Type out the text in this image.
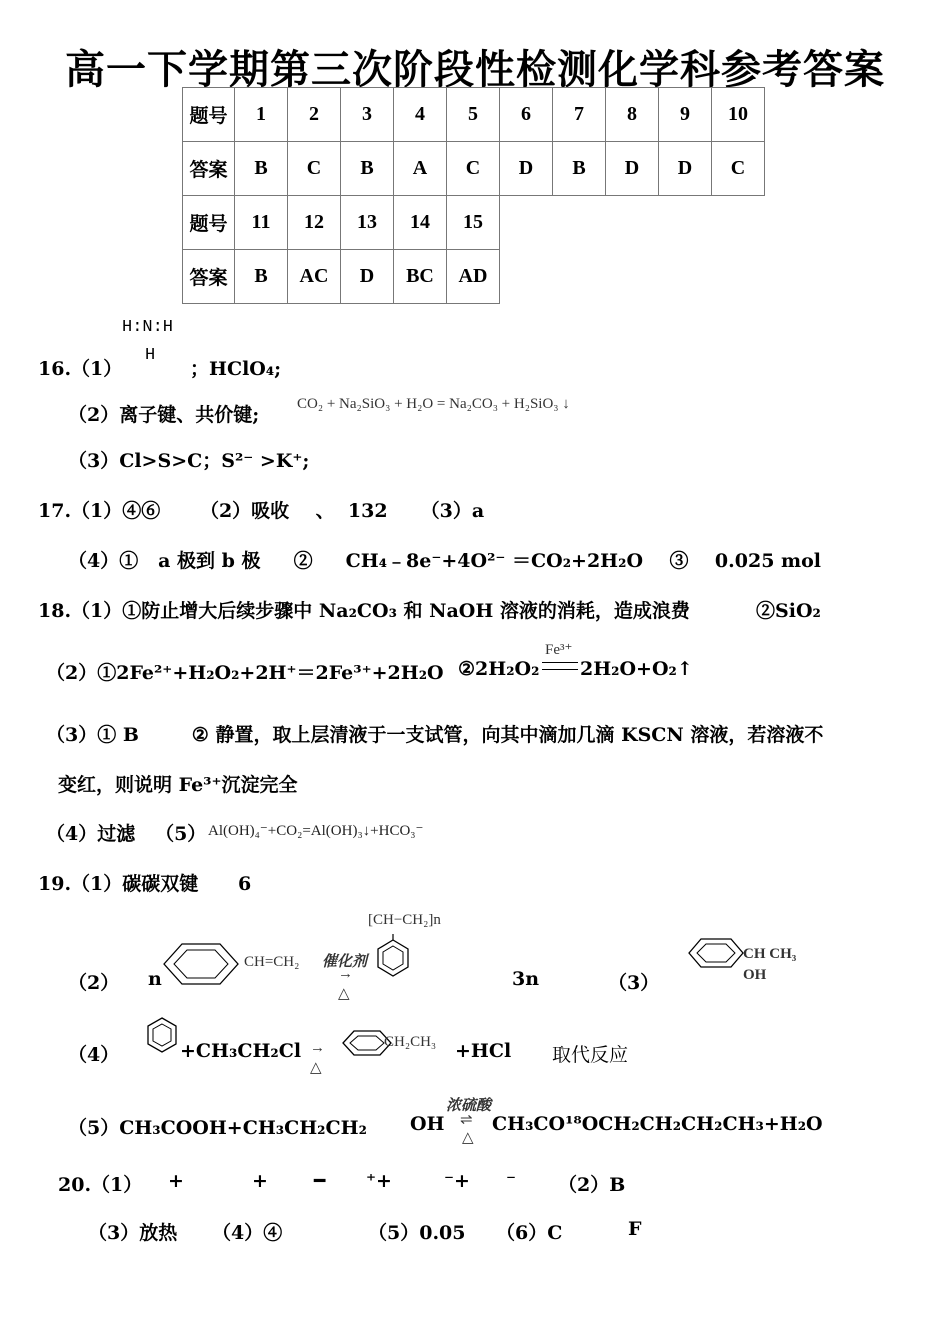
高一下学期第三次阶段性检测化学科参考答案
题号	1	2	3	4	5	6	7	8	9	10
答案	B	C	B	A	C	D	B	D	D	C
题号	11	12	13	14	15					
答案	B	AC	D	BC	AD					
H:N:H
H
16.（1）	；HClO₄;
（2）离子键、共价键;	CO₂ + Na₂SiO₃ + H₂O = Na₂CO₃ + H₂SiO₃ ↓
（3）Cl>S>C；S²⁻ >K⁺;
17.（1）④⑥      （2）吸收    、  132     （3）a
（4）①   a 极到 b 极     ②     CH₄﹣8e⁻+4O²⁻ ＝CO₂+2H₂O    ③    0.025 mol
18.（1）①防止增大后续步骤中 Na₂CO₃ 和 NaOH 溶液的消耗，造成浪费          ②SiO₂
（2）①2Fe²⁺+H₂O₂+2H⁺＝2Fe³⁺+2H₂O ②2H₂O₂
Fe³⁺
2H₂O+O₂↑
（3）① B        ② 静置，取上层清液于一支试管，向其中滴加几滴 KSCN 溶液，若溶液不
变红，则说明 Fe³⁺沉淀完全
（4）过滤   （5） Al(OH)₄⁻+CO₂=Al(OH)₃↓+HCO₃⁻
19.（1）碳碳双键      6
（2） n
CH=CH₂ 催化剂
→
△
[CH−CH₂]n
3n	（3）
CH CH₃
OH
（4）	+CH₃CH₂Cl →
△
CH₂CH₃ +HCl 取代反应
浓硫酸
（5）CH₃COOH+CH₃CH₂CH₂ OH ⇌
△
CH₃CO¹⁸OCH₂CH₂CH₂CH₃+H₂O
20.（1） +	+ ━ ⁺+	⁻+ ⁻ （2）B
（3）放热 （4）④	（5）0.05 （6）C	F
